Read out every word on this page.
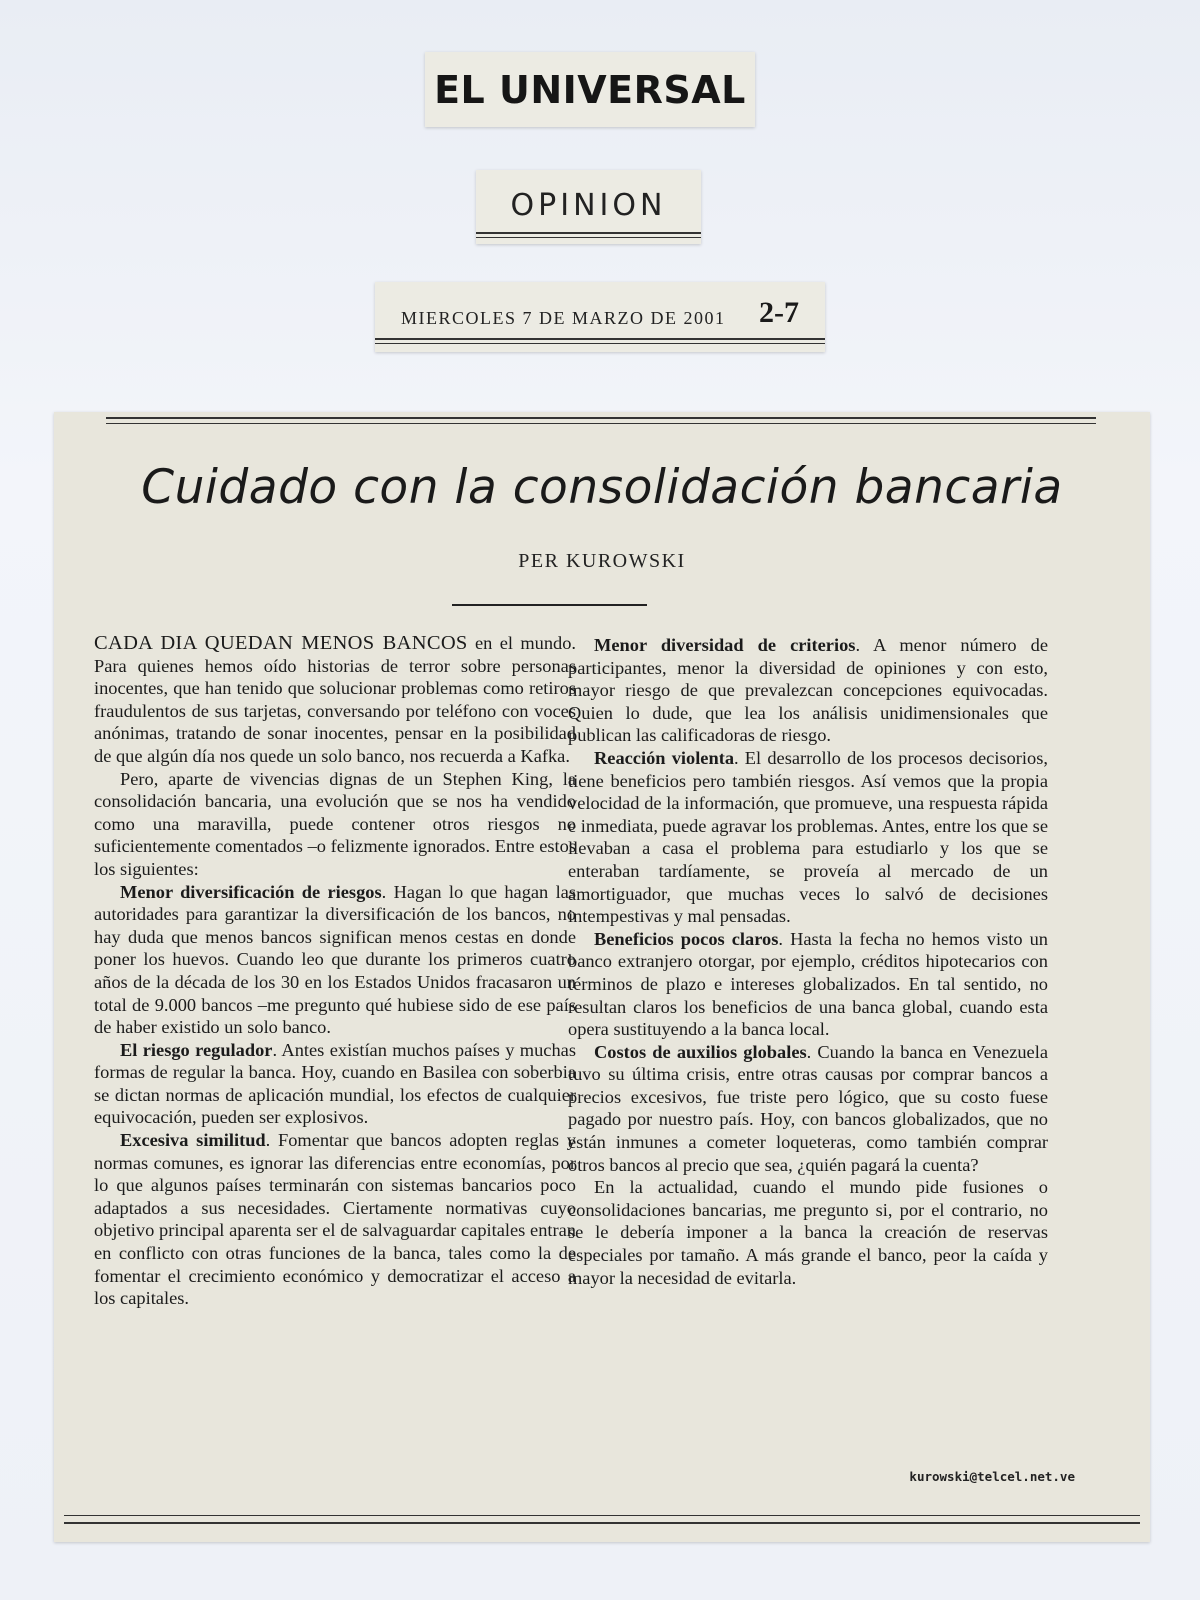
EL UNIVERSAL
OPINION
MIERCOLES 7 DE MARZO DE 2001 2-7
Cuidado con la consolidación bancaria
PER KUROWSKI

CADA DIA QUEDAN MENOS BANCOS en el mundo. Para quienes hemos oído historias de terror sobre personas inocentes, que han tenido que solucionar problemas como retiros fraudulentos de sus tarjetas, conversando por teléfono con voces anónimas, tratando de sonar inocentes, pensar en la posibilidad de que algún día nos quede un solo banco, nos recuerda a Kafka.

Pero, aparte de vivencias dignas de un Stephen King, la consolidación bancaria, una evolución que se nos ha vendido como una maravilla, puede contener otros riesgos no suficientemente comentados –o felizmente ignorados. Entre estos los siguientes:

Menor diversificación de riesgos. Hagan lo que hagan las autoridades para garantizar la diversificación de los bancos, no hay duda que menos bancos significan menos cestas en donde poner los huevos. Cuando leo que durante los primeros cuatro años de la década de los 30 en los Estados Unidos fracasaron un total de 9.000 bancos –me pregunto qué hubiese sido de ese país de haber existido un solo banco.

El riesgo regulador. Antes existían muchos países y muchas formas de regular la banca. Hoy, cuando en Basilea con soberbia se dictan normas de aplicación mundial, los efectos de cualquier equivocación, pueden ser explosivos.

Excesiva similitud. Fomentar que bancos adopten reglas y normas comunes, es ignorar las diferencias entre economías, por lo que algunos países terminarán con sistemas bancarios poco adaptados a sus necesidades. Ciertamente normativas cuyo objetivo principal aparenta ser el de salvaguardar capitales entran en conflicto con otras funciones de la banca, tales como la de fomentar el crecimiento económico y democratizar el acceso a los capitales.

Menor diversidad de criterios. A menor número de participantes, menor la diversidad de opiniones y con esto, mayor riesgo de que prevalezcan concepciones equivocadas. Quien lo dude, que lea los análisis unidimensionales que publican las calificadoras de riesgo.

Reacción violenta. El desarrollo de los procesos decisorios, tiene beneficios pero también riesgos. Así vemos que la propia velocidad de la información, que promueve, una respuesta rápida e inmediata, puede agravar los problemas. Antes, entre los que se llevaban a casa el problema para estudiarlo y los que se enteraban tardíamente, se proveía al mercado de un amortiguador, que muchas veces lo salvó de decisiones intempestivas y mal pensadas.

Beneficios pocos claros. Hasta la fecha no hemos visto un banco extranjero otorgar, por ejemplo, créditos hipotecarios con términos de plazo e intereses globalizados. En tal sentido, no resultan claros los beneficios de una banca global, cuando esta opera sustituyendo a la banca local.

Costos de auxilios globales. Cuando la banca en Venezuela tuvo su última crisis, entre otras causas por comprar bancos a precios excesivos, fue triste pero lógico, que su costo fuese pagado por nuestro país. Hoy, con bancos globalizados, que no están inmunes a cometer loqueteras, como también comprar otros bancos al precio que sea, ¿quién pagará la cuenta?

En la actualidad, cuando el mundo pide fusiones o consolidaciones bancarias, me pregunto si, por el contrario, no se le debería imponer a la banca la creación de reservas especiales por tamaño. A más grande el banco, peor la caída y mayor la necesidad de evitarla.

kurowski@telcel.net.ve
